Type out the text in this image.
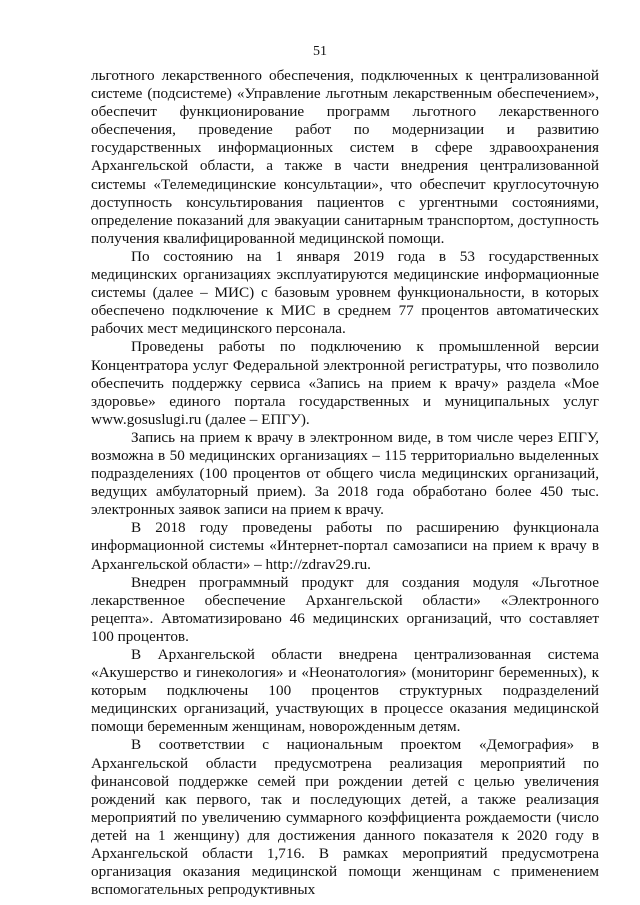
51

льготного лекарственного обеспечения, подключенных к централизованной системе (подсистеме) «Управление льготным лекарственным обеспечением», обеспечит функционирование программ льготного лекарственного обеспечения, проведение работ по модернизации и развитию государственных информационных систем в сфере здравоохранения Архангельской области, а также в части внедрения централизованной системы «Телемедицинские консультации», что обеспечит круглосуточную доступность консультирования пациентов с ургентными состояниями, определение показаний для эвакуации санитарным транспортом, доступность получения квалифицированной медицинской помощи.

По состоянию на 1 января 2019 года в 53 государственных медицинских организациях эксплуатируются медицинские информационные системы (далее – МИС) с базовым уровнем функциональности, в которых обеспечено подключение к МИС в среднем 77 процентов автоматических рабочих мест медицинского персонала.

Проведены работы по подключению к промышленной версии Концентратора услуг Федеральной электронной регистратуры, что позволило обеспечить поддержку сервиса «Запись на прием к врачу» раздела «Мое здоровье» единого портала государственных и муниципальных услуг www.gosuslugi.ru (далее – ЕПГУ).

Запись на прием к врачу в электронном виде, в том числе через ЕПГУ, возможна в 50 медицинских организациях – 115 территориально выделенных подразделениях (100 процентов от общего числа медицинских организаций, ведущих амбулаторный прием). За 2018 года обработано более 450 тыс. электронных заявок записи на прием к врачу.

В 2018 году проведены работы по расширению функционала информационной системы «Интернет-портал самозаписи на прием к врачу в Архангельской области» – http://zdrav29.ru.

Внедрен программный продукт для создания модуля «Льготное лекарственное обеспечение Архангельской области» «Электронного рецепта». Автоматизировано 46 медицинских организаций, что составляет 100 процентов.

В Архангельской области внедрена централизованная система «Акушерство и гинекология» и «Неонатология» (мониторинг беременных), к которым подключены 100 процентов структурных подразделений медицинских организаций, участвующих в процессе оказания медицинской помощи беременным женщинам, новорожденным детям.

В соответствии с национальным проектом «Демография» в Архангельской области предусмотрена реализация мероприятий по финансовой поддержке семей при рождении детей с целью увеличения рождений как первого, так и последующих детей, а также реализация мероприятий по увеличению суммарного коэффициента рождаемости (число детей на 1 женщину) для достижения данного показателя к 2020 году в Архангельской области 1,716. В рамках мероприятий предусмотрена организация оказания медицинской помощи женщинам с применением вспомогательных репродуктивных
